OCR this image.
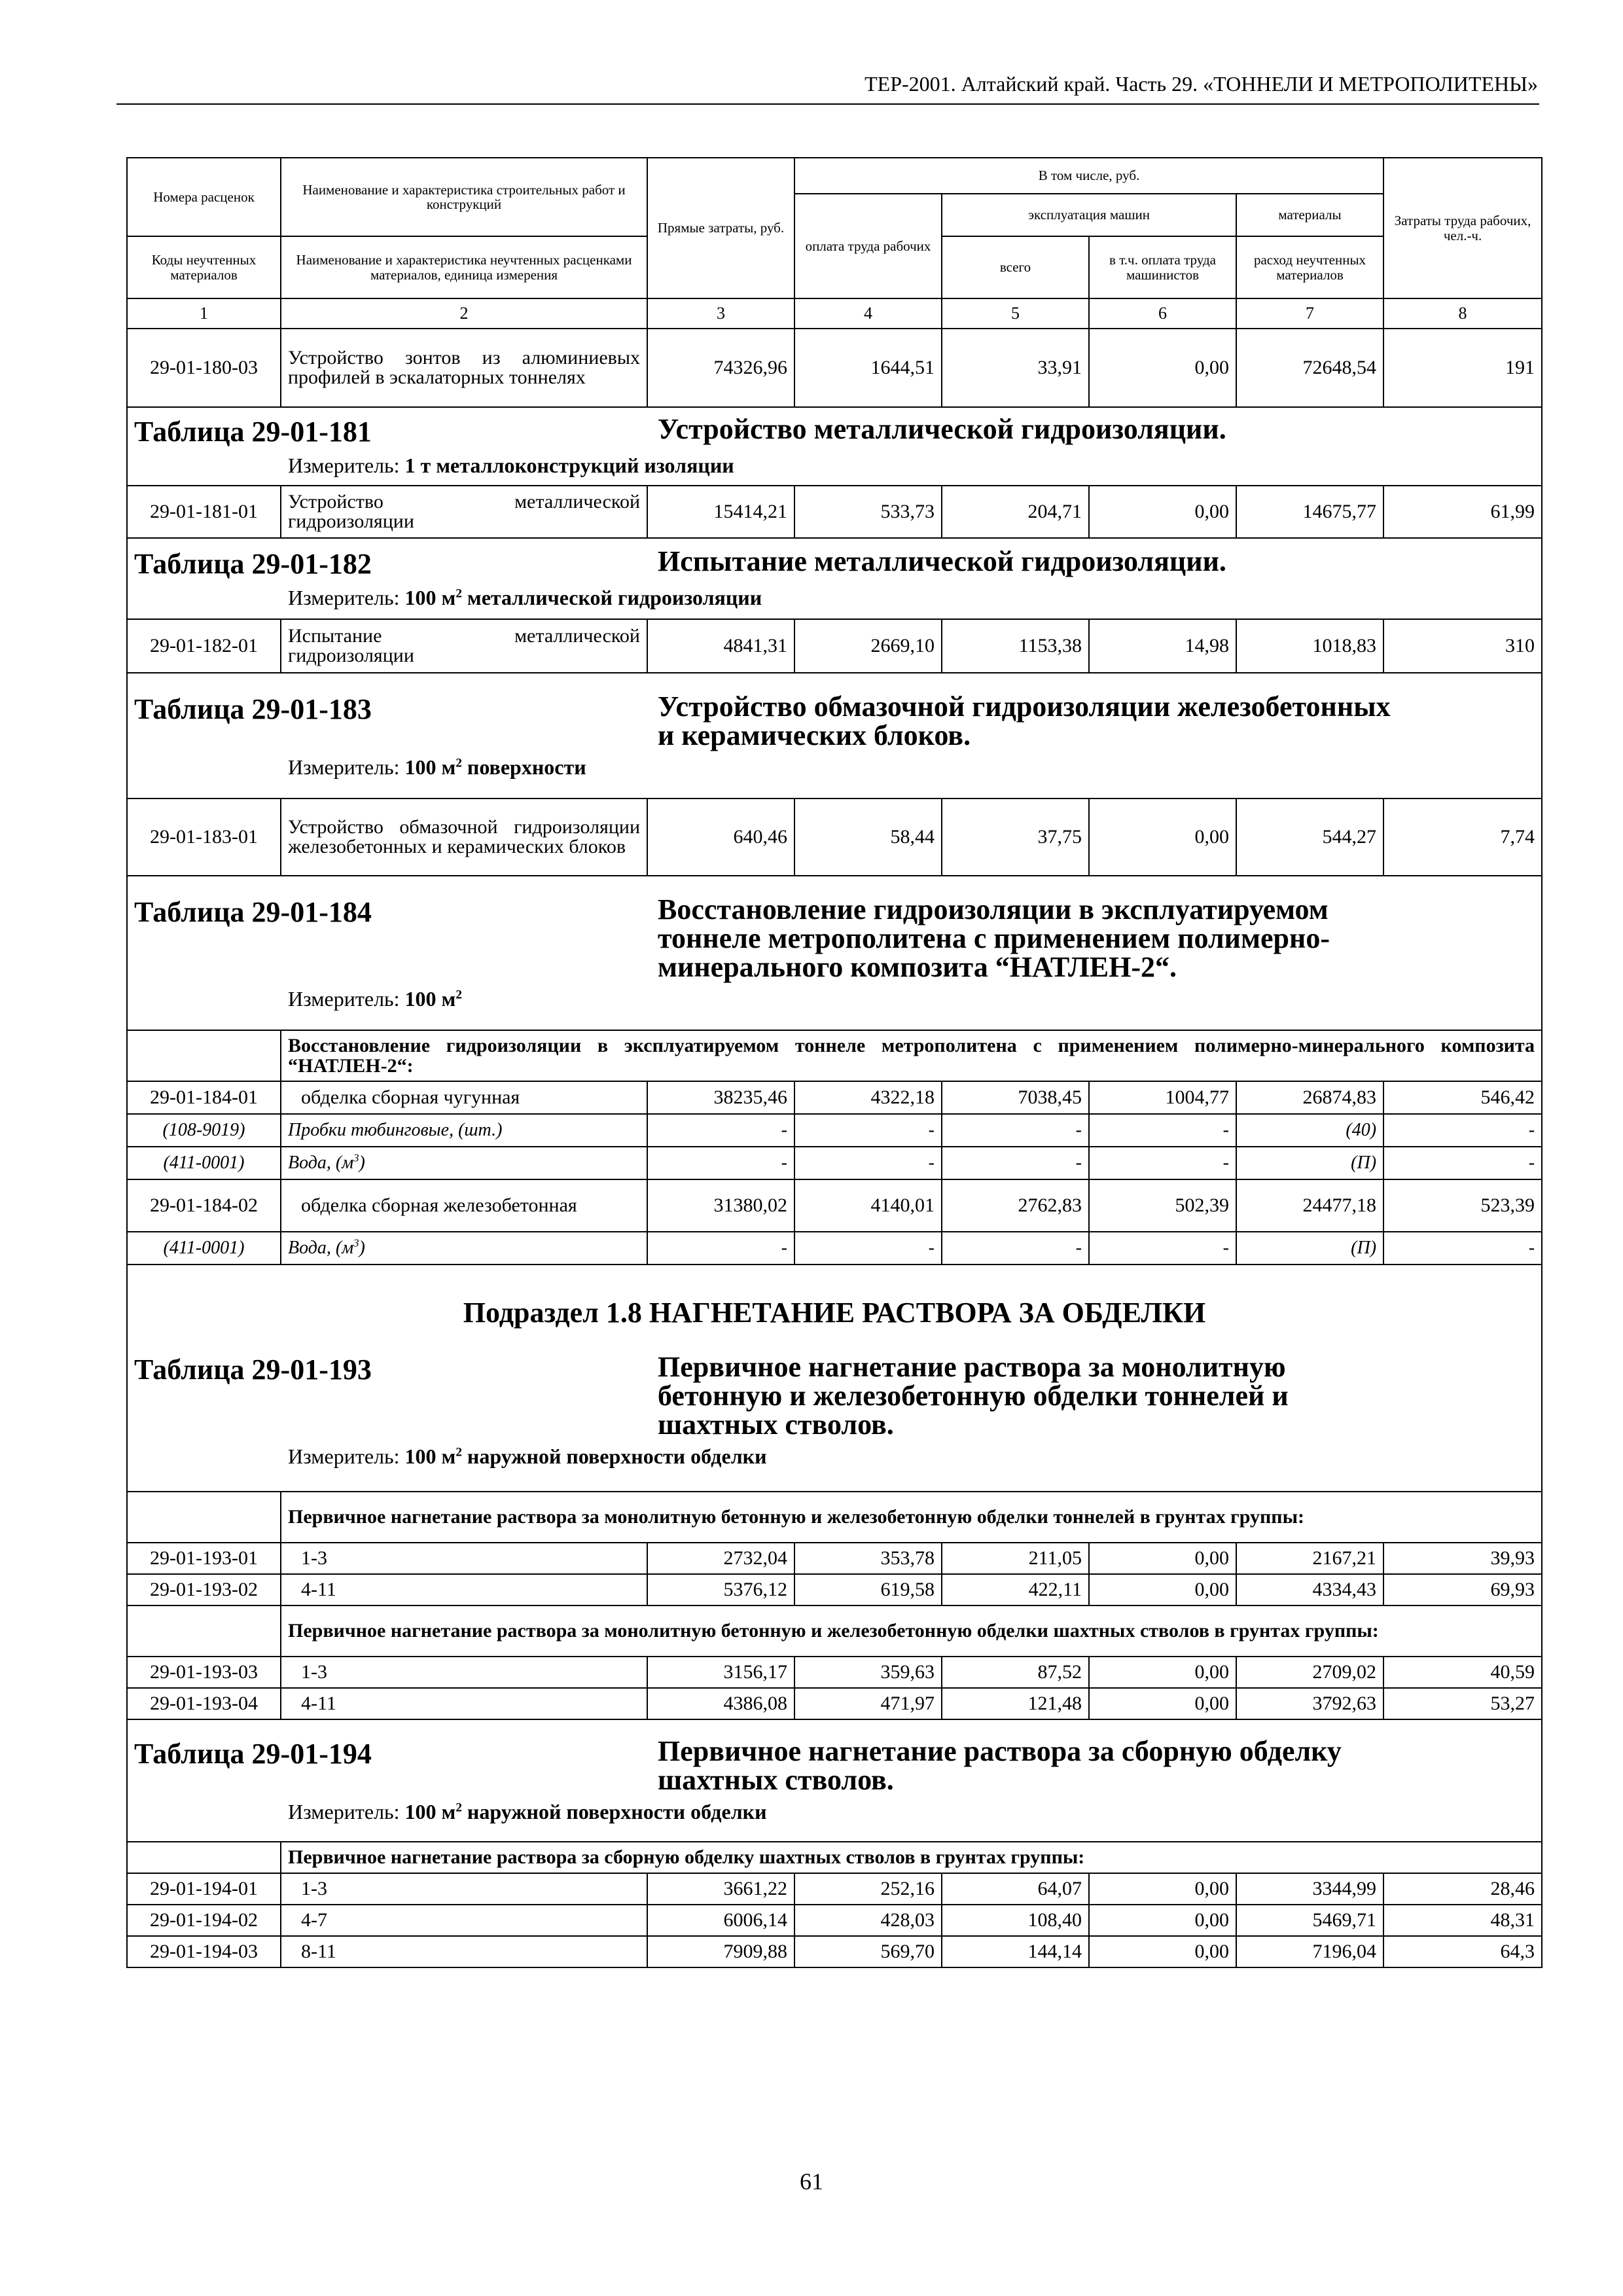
ТЕР-2001. Алтайский край. Часть 29. «ТОННЕЛИ И МЕТРОПОЛИТЕНЫ»
Номера расценок	Наименование и характеристика строительных работ и конструкций	Прямые затраты, руб.	В том числе, руб.				Затраты труда рабочих, чел.-ч.
			оплата труда рабочих	эксплуатация машин		материалы	
Коды неучтенных материалов	Наименование и характеристика неучтенных расценками материалов, единица измерения			всего	в т.ч. оплата труда машинистов	расход неучтенных материалов	
1	2	3	4	5	6	7	8
29-01-180-03	Устройство зонтов из алюминиевых профилей в эскалаторных тоннелях	74326,96	1644,51	33,91	0,00	72648,54	191

Таблица 29-01-181 Устройство металлической гидроизоляции.
Измеритель: 1 т металлоконструкций изоляции							

29-01-181-01	Устройство металлической гидроизоляции	15414,21	533,73	204,71	0,00	14675,77	61,99

Таблица 29-01-182 Испытание металлической гидроизоляции.
Измеритель: 100 $м^2$ металлической гидроизоляции							

29-01-182-01	Испытание металлической гидроизоляции	4841,31	2669,10	1153,38	14,98	1018,83	310

Таблица 29-01-183 Устройство обмазочной гидроизоляции железобетонных и керамических блоков.
Измеритель: 100 $м^2$ поверхности							

29-01-183-01	Устройство обмазочной гидроизоляции железобетонных и керамических блоков	640,46	58,44	37,75	0,00	544,27	7,74

Таблица 29-01-184 Восстановление гидроизоляции в эксплуатируемом тоннеле метрополитена с применением полимерно-минерального композита “НАТЛЕН-2“.
Измеритель: 100 $м^2$

	Восстановление гидроизоляции в эксплуатируемом тоннеле метрополитена с применением полимерно-минерального композита “НАТЛЕН-2“:						
29-01-184-01	обделка сборная чугунная	38235,46	4322,18	7038,45	1004,77	26874,83	546,42
(108-9019)	Пробки тюбинговые, (шт.)	-	-	-	-	(40)	-
(411-0001)	Вода, $(м^3)$	-	-	-	-	(П)	-
29-01-184-02	обделка сборная железобетонная	31380,02	4140,01	2762,83	502,39	24477,18	523,39
(411-0001)	Вода, $(м^3)$	-	-	-	-	(П)	-

Подраздел 1.8 НАГНЕТАНИЕ РАСТВОРА ЗА ОБДЕЛКИ
Таблица 29-01-193 Первичное нагнетание раствора за монолитную бетонную и железобетонную обделки тоннелей и шахтных стволов.
Измеритель: 100 $м^2$ наружной поверхности обделки							

	Первичное нагнетание раствора за монолитную бетонную и железобетонную обделки тоннелей в грунтах группы:						
29-01-193-01	1-3	2732,04	353,78	211,05	0,00	2167,21	39,93
29-01-193-02	4-11	5376,12	619,58	422,11	0,00	4334,43	69,93
	Первичное нагнетание раствора за монолитную бетонную и железобетонную обделки шахтных стволов в грунтах группы:						
29-01-193-03	1-3	3156,17	359,63	87,52	0,00	2709,02	40,59
29-01-193-04	4-11	4386,08	471,97	121,48	0,00	3792,63	53,27

Таблица 29-01-194 Первичное нагнетание раствора за сборную обделку шахтных стволов.
Измеритель: 100 $м^2$ наружной поверхности обделки							

	Первичное нагнетание раствора за сборную обделку шахтных стволов в грунтах группы:						
29-01-194-01	1-3	3661,22	252,16	64,07	0,00	3344,99	28,46
29-01-194-02	4-7	6006,14	428,03	108,40	0,00	5469,71	48,31
29-01-194-03	8-11	7909,88	569,70	144,14	0,00	7196,04	64,3
61
